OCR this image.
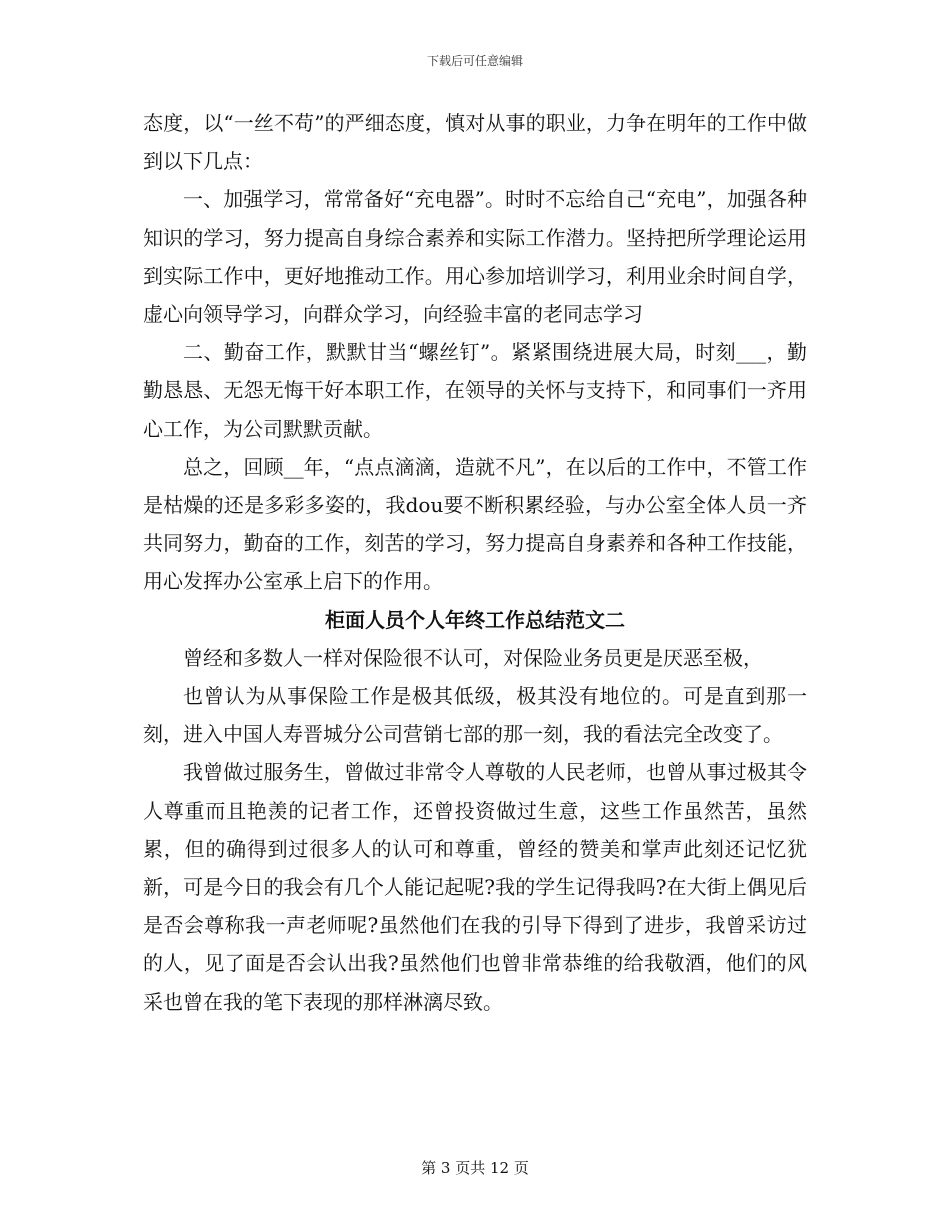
下载后可任意编辑

态度，以“一丝不苟”的严细态度，慎对从事的职业，力争在明年的工作中做到以下几点：

一、加强学习，常常备好“充电器”。时时不忘给自己“充电”，加强各种知识的学习，努力提高自身综合素养和实际工作潜力。坚持把所学理论运用到实际工作中，更好地推动工作。用心参加培训学习，利用业余时间自学，虚心向领导学习，向群众学习，向经验丰富的老同志学习

二、勤奋工作，默默甘当“螺丝钉”。紧紧围绕进展大局，时刻___，勤勤恳恳、无怨无悔干好本职工作，在领导的关怀与支持下，和同事们一齐用心工作，为公司默默贡献。

总之，回顾__年，“点点滴滴，造就不凡”，在以后的工作中，不管工作是枯燥的还是多彩多姿的，我dou要不断积累经验，与办公室全体人员一齐共同努力，勤奋的工作，刻苦的学习，努力提高自身素养和各种工作技能，用心发挥办公室承上启下的作用。

柜面人员个人年终工作总结范文二

曾经和多数人一样对保险很不认可，对保险业务员更是厌恶至极，

也曾认为从事保险工作是极其低级，极其没有地位的。可是直到那一刻，进入中国人寿晋城分公司营销七部的那一刻，我的看法完全改变了。

我曾做过服务生，曾做过非常令人尊敬的人民老师，也曾从事过极其令人尊重而且艳羡的记者工作，还曾投资做过生意，这些工作虽然苦，虽然累，但的确得到过很多人的认可和尊重，曾经的赞美和掌声此刻还记忆犹新，可是今日的我会有几个人能记起呢?我的学生记得我吗?在大街上偶见后是否会尊称我一声老师呢?虽然他们在我的引导下得到了进步，我曾采访过的人，见了面是否会认出我?虽然他们也曾非常恭维的给我敬酒，他们的风采也曾在我的笔下表现的那样淋漓尽致。

第 3 页共 12 页
